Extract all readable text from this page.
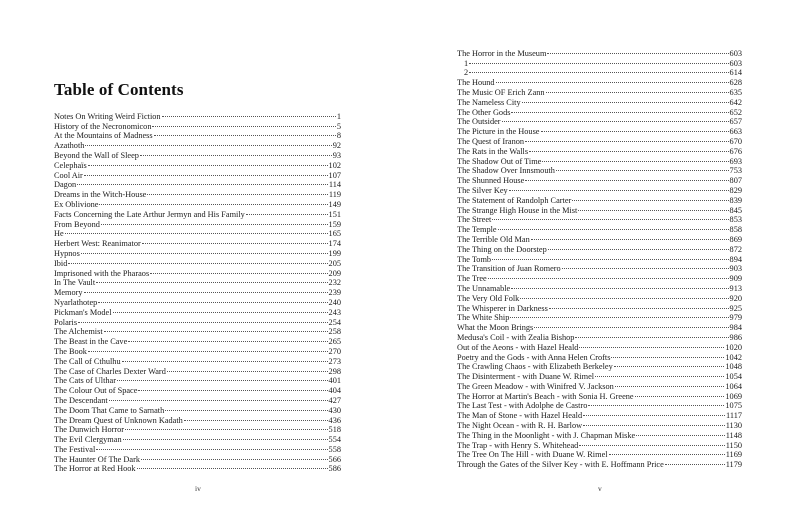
Table of Contents
Notes On Writing Weird Fiction	1
History of the Necronomicon	5
At the Mountains of Madness	8
Azathoth	92
Beyond the Wall of Sleep	93
Celephaïs	102
Cool Air	107
Dagon	114
Dreams in the Witch-House	119
Ex Oblivione	149
Facts Concerning the Late Arthur Jermyn and His Family	151
From Beyond	159
He	165
Herbert West: Reanimator	174
Hypnos	199
Ibid	205
Imprisoned with the Pharaos	209
In The Vault	232
Memory	239
Nyarlathotep	240
Pickman's Model	243
Polaris	254
The Alchemist	258
The Beast in the Cave	265
The Book	270
The Call of Cthulhu	273
The Case of Charles Dexter Ward	298
The Cats of Ulthar	401
The Colour Out of Space	404
The Descendant	427
The Doom That Came to Sarnath	430
The Dream Quest of Unknown Kadath	436
The Dunwich Horror	518
The Evil Clergyman	554
The Festival	558
The Haunter Of The Dark	566
The Horror at Red Hook	586
iv
The Horror in the Museum	603
1	603
2	614
The Hound	628
The Music OF Erich Zann	635
The Nameless City	642
The Other Gods	652
The Outsider	657
The Picture in the House	663
The Quest of Iranon	670
The Rats in the Walls	676
The Shadow Out of Time	693
The Shadow Over Innsmouth	753
The Shunned House	807
The Silver Key	829
The Statement of Randolph Carter	839
The Strange High House in the Mist	845
The Street	853
The Temple	858
The Terrible Old Man	869
The Thing on the Doorstep	872
The Tomb	894
The Transition of Juan Romero	903
The Tree	909
The Unnamable	913
The Very Old Folk	920
The Whisperer in Darkness	925
The White Ship	979
What the Moon Brings	984
Medusa's Coil - with Zealia Bishop	986
Out of the Aeons - with Hazel Heald	1020
Poetry and the Gods - with Anna Helen Crofts	1042
The Crawling Chaos - with Elizabeth Berkeley	1048
The Disinterment - with Duane W. Rimel	1054
The Green Meadow - with Winifred V. Jackson	1064
The Horror at Martin's Beach - with Sonia H. Greene	1069
The Last Test - with Adolphe de Castro	1075
The Man of Stone - with Hazel Heald	1117
The Night Ocean - with R. H. Barlow	1130
The Thing in the Moonlight - with J. Chapman Miske	1148
The Trap - with Henry S. Whitehead	1150
The Tree On The Hill - with Duane W. Rimel	1169
Through the Gates of the Silver Key - with E. Hoffmann Price	1179
v
